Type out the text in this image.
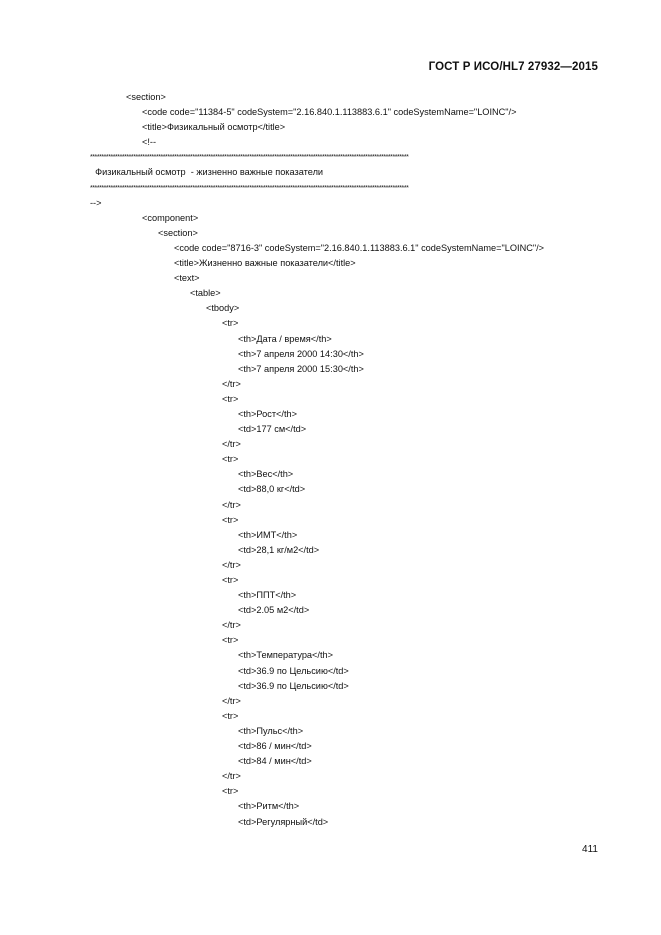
ГОСТ Р ИСО/HL7 27932—2015
<section>
<code code="11384-5" codeSystem="2.16.840.1.113883.6.1" codeSystemName="LOINC"/>
<title>Физикальный осмотр</title>
<!--
********************************************************************************************************************************************
Физикальный осмотр  - жизненно важные показатели
********************************************************************************************************************************************
-->
<component>
<section>
<code code="8716-3" codeSystem="2.16.840.1.113883.6.1" codeSystemName="LOINC"/>
<title>Жизненно важные показатели</title>
<text>
<table>
<tbody>
<tr>
<th>Дата / время</th>
<th>7 апреля 2000 14:30</th>
<th>7 апреля 2000 15:30</th>
</tr>
<tr>
<th>Рост</th>
<td>177 см</td>
</tr>
<tr>
<th>Вес</th>
<td>88,0 кг</td>
</tr>
<tr>
<th>ИМТ</th>
<td>28,1 кг/м2</td>
</tr>
<tr>
<th>ППТ</th>
<td>2.05 м2</td>
</tr>
<tr>
<th>Температура</th>
<td>36.9 по Цельсию</td>
<td>36.9 по Цельсию</td>
</tr>
<tr>
<th>Пульс</th>
<td>86 / мин</td>
<td>84 / мин</td>
</tr>
<tr>
<th>Ритм</th>
<td>Регулярный</td>
411
